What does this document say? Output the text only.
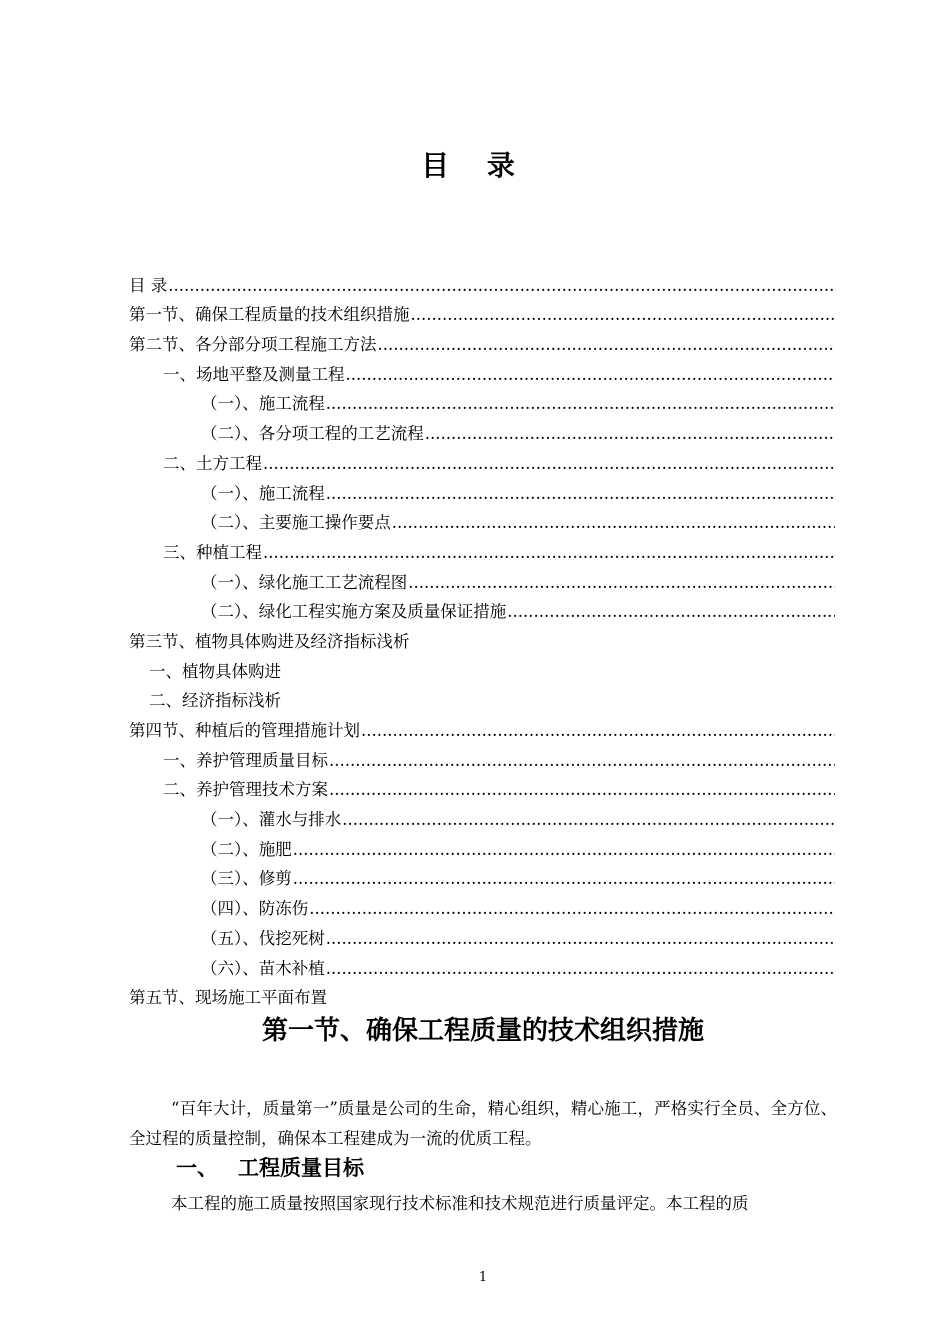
目 录
目 录
.....
第一节、确保工程质量的技术组织措施
.....
第二节、各分部分项工程施工方法
.....
一、场地平整及测量工程
.....
（一）、施工流程
.....
（二）、各分项工程的工艺流程
.....
二、土方工程
.....
（一）、施工流程
.....
（二）、主要施工操作要点
.....
三、种植工程
.....
（一）、绿化施工工艺流程图
.....
（二）、绿化工程实施方案及质量保证措施
.....
第三节、植物具体购进及经济指标浅析
一、植物具体购进
二、经济指标浅析
第四节、种植后的管理措施计划
.....
一、养护管理质量目标
.....
二、养护管理技术方案
.....
（一）、灌水与排水
.....
（二）、施肥
.....
（三）、修剪
.....
（四）、防冻伤
.....
（五）、伐挖死树
.....
（六）、苗木补植
.....
第五节、现场施工平面布置
第一节、确保工程质量的技术组织措施
“百年大计，质量第一”质量是公司的生命，精心组织，精心施工，严格实行全员、全方位、全过程的质量控制，确保本工程建成为一流的优质工程。
一、 工程质量目标
本工程的施工质量按照国家现行技术标准和技术规范进行质量评定。本工程的质
1
